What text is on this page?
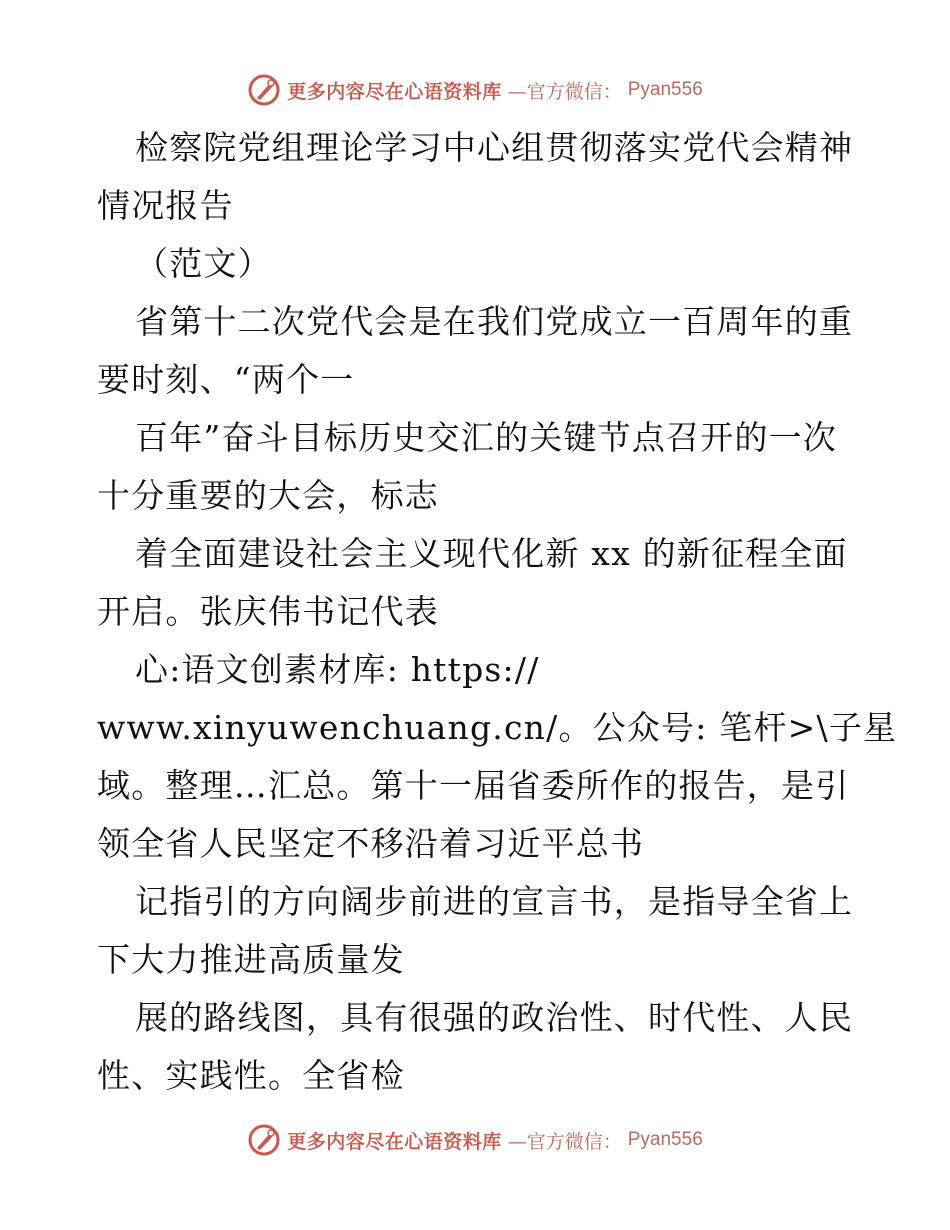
更多内容尽在心语资料库 —官方微信： Pyan556
检察院党组理论学习中心组贯彻落实党代会精神
情况报告
（范文）
省第十二次党代会是在我们党成立一百周年的重
要时刻、“两个一
百年”奋斗目标历史交汇的关键节点召开的一次
十分重要的大会，标志
着全面建设社会主义现代化新 xx 的新征程全面
开启。张庆伟书记代表
心:语文创素材库: https://
www.xinyuwenchuang.cn/。公众号: 笔杆>\子星
域。整理…汇总。第十一届省委所作的报告，是引
领全省人民坚定不移沿着习近平总书
记指引的方向阔步前进的宣言书，是指导全省上
下大力推进高质量发
展的路线图，具有很强的政治性、时代性、人民
性、实践性。全省检
更多内容尽在心语资料库 —官方微信： Pyan556
